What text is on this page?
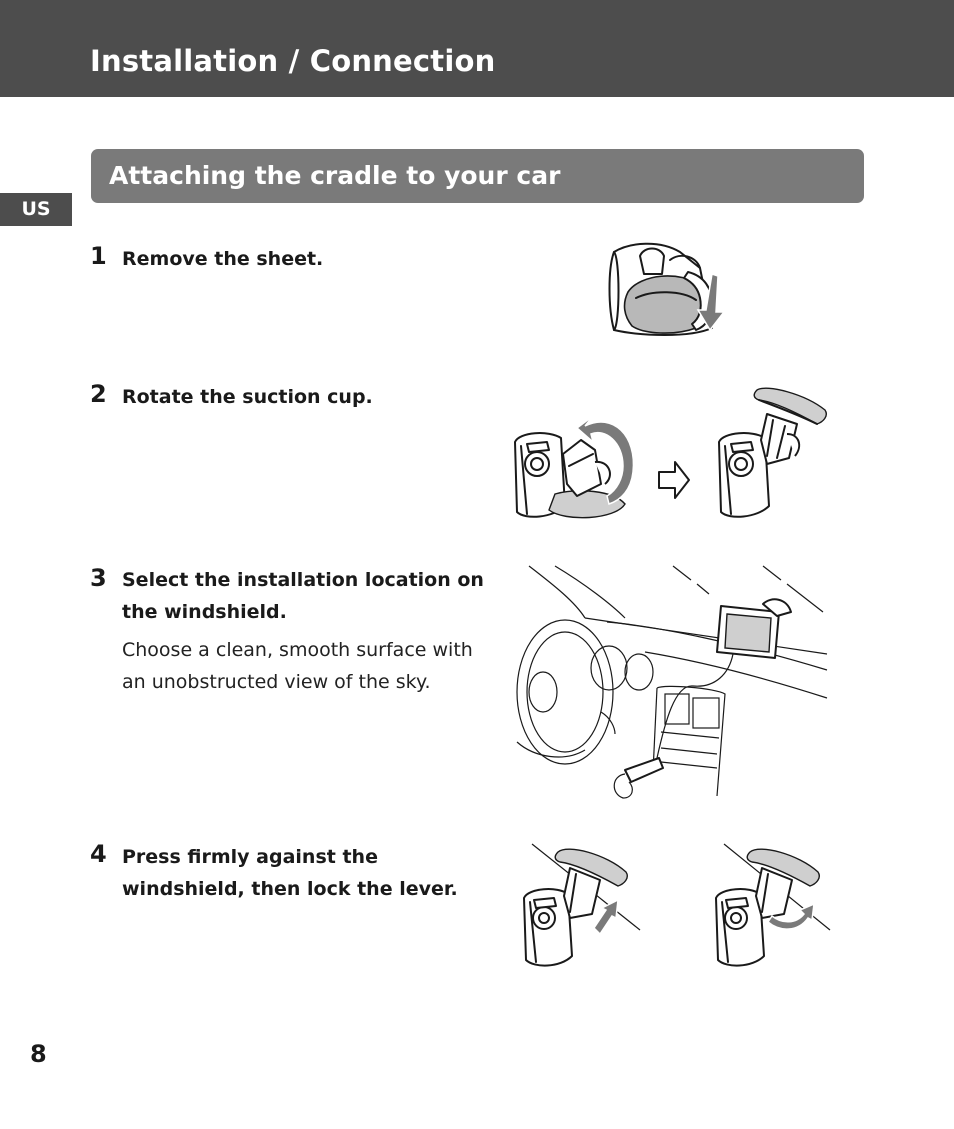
Installation / Connection
US
Attaching the cradle to your car
1 Remove the sheet.
2 Rotate the suction cup.
3 Select the installation location on
the windshield.
Choose a clean, smooth surface with
an unobstructed view of the sky.
4 Press firmly against the
windshield, then lock the lever.
8
